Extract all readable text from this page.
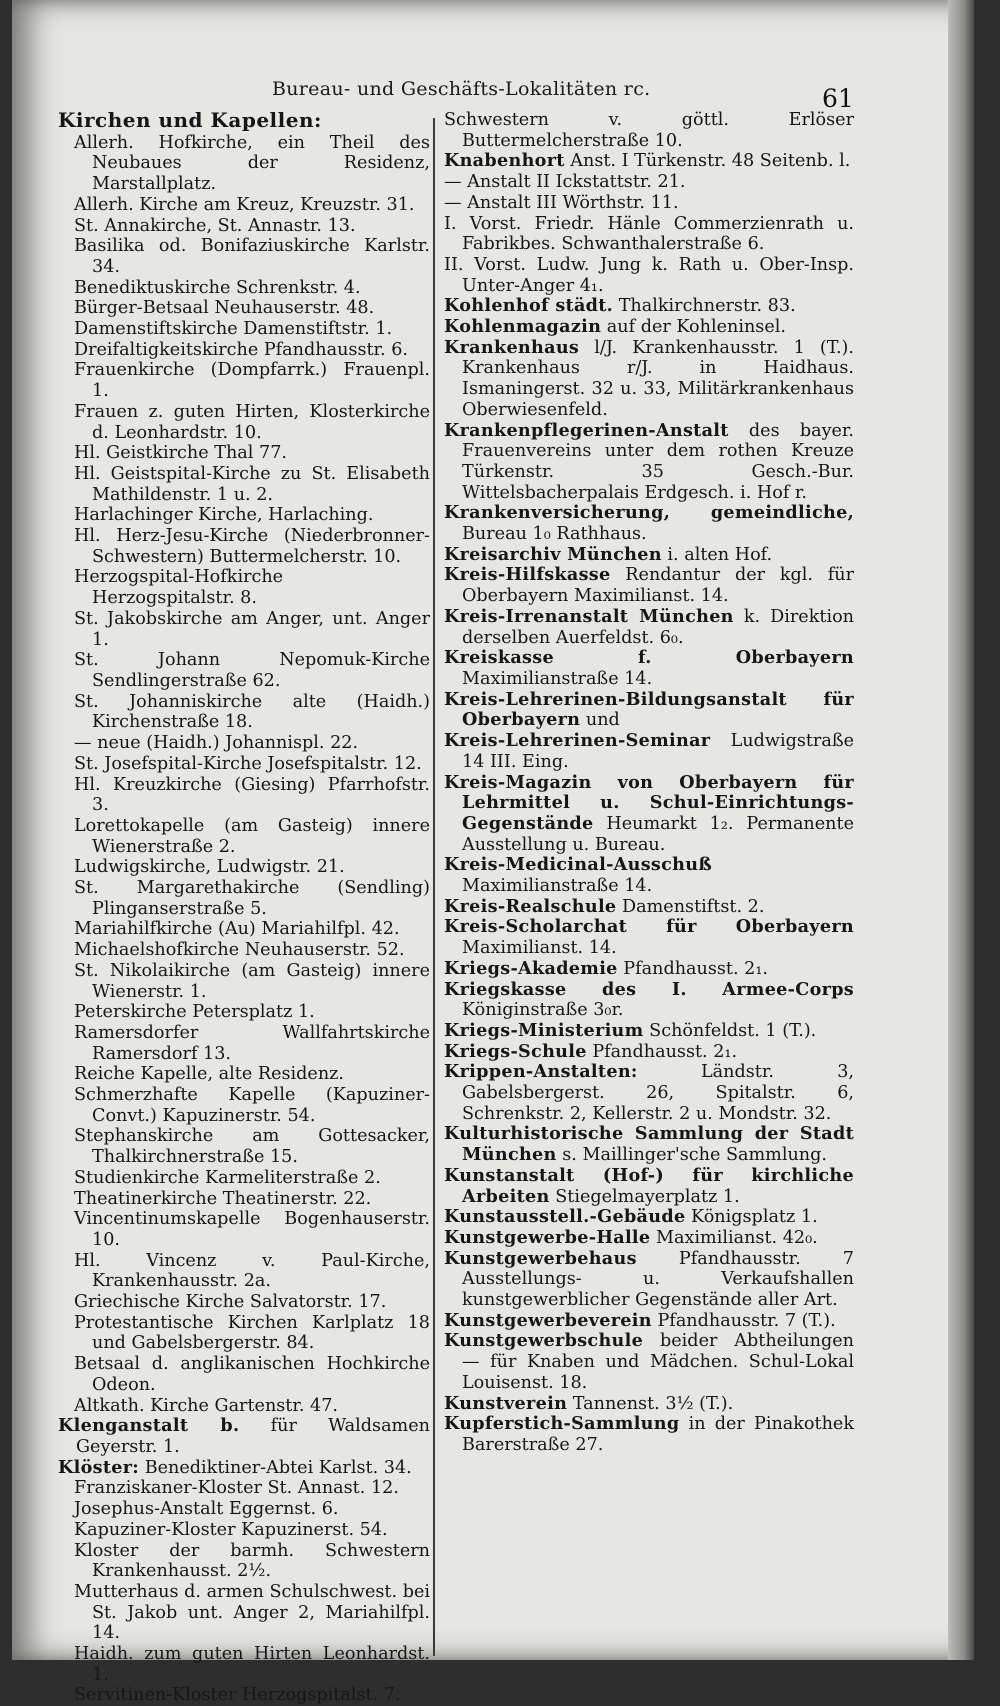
Bureau- und Geschäfts-Lokalitäten rc.	61
Kirchen und Kapellen:

Allerh. Hofkirche, ein Theil des Neubaues der Residenz, Marstallplatz.

Allerh. Kirche am Kreuz, Kreuzstr. 31.

St. Annakirche, St. Annastr. 13.

Basilika od. Bonifaziuskirche Karlstr. 34.

Benediktuskirche Schrenkstr. 4.

Bürger-Betsaal Neuhauserstr. 48.

Damenstiftskirche Damenstiftstr. 1.

Dreifaltigkeitskirche Pfandhausstr. 6.

Frauenkirche (Dompfarrk.) Frauenpl. 1.

Frauen z. guten Hirten, Klosterkirche d. Leonhardstr. 10.

Hl. Geistkirche Thal 77.

Hl. Geistspital-Kirche zu St. Elisabeth Mathildenstr. 1 u. 2.

Harlachinger Kirche, Harlaching.

Hl. Herz-Jesu-Kirche (Niederbronner-Schwestern) Buttermelcherstr. 10.

Herzogspital-Hofkirche Herzogspitalstr. 8.

St. Jakobskirche am Anger, unt. Anger 1.

St. Johann Nepomuk-Kirche Sendlingerstraße 62.

St. Johanniskirche alte (Haidh.) Kirchenstraße 18.

— neue (Haidh.) Johannispl. 22.

St. Josefspital-Kirche Josefspitalstr. 12.

Hl. Kreuzkirche (Giesing) Pfarrhofstr. 3.

Lorettokapelle (am Gasteig) innere Wienerstraße 2.

Ludwigskirche, Ludwigstr. 21.

St. Margarethakirche (Sendling) Plinganserstraße 5.

Mariahilfkirche (Au) Mariahilfpl. 42.

Michaelshofkirche Neuhauserstr. 52.

St. Nikolaikirche (am Gasteig) innere Wienerstr. 1.

Peterskirche Petersplatz 1.

Ramersdorfer Wallfahrtskirche Ramersdorf 13.

Reiche Kapelle, alte Residenz.

Schmerzhafte Kapelle (Kapuziner-Convt.) Kapuzinerstr. 54.

Stephanskirche am Gottesacker, Thalkirchnerstraße 15.

Studienkirche Karmeliterstraße 2.

Theatinerkirche Theatinerstr. 22.

Vincentinumskapelle Bogenhauserstr. 10.

Hl. Vincenz v. Paul-Kirche, Krankenhausstr. 2a.

Griechische Kirche Salvatorstr. 17.

Protestantische Kirchen Karlplatz 18 und Gabelsbergerstr. 84.

Betsaal d. anglikanischen Hochkirche Odeon.

Altkath. Kirche Gartenstr. 47.

Klenganstalt b. für Waldsamen Geyerstr. 1.

Klöster: Benediktiner-Abtei Karlst. 34.

Franziskaner-Kloster St. Annast. 12.

Josephus-Anstalt Eggernst. 6.

Kapuziner-Kloster Kapuzinerst. 54.

Kloster der barmh. Schwestern Krankenhausst. 2½.

Mutterhaus d. armen Schulschwest. bei St. Jakob unt. Anger 2, Mariahilfpl. 14.

Haidh. zum guten Hirten Leonhardst. 1.

Servitinen-Kloster Herzogspitalst. 7.

Schwestern v. göttl. Erlöser Buttermelcherstraße 10.

Knabenhort Anst. I Türkenstr. 48 Seitenb. l.

— Anstalt II Ickstattstr. 21.

— Anstalt III Wörthstr. 11.

I. Vorst. Friedr. Hänle Commerzienrath u. Fabrikbes. Schwanthalerstraße 6.

II. Vorst. Ludw. Jung k. Rath u. Ober-Insp. Unter-Anger 4₁.

Kohlenhof städt. Thalkirchnerstr. 83.

Kohlenmagazin auf der Kohleninsel.

Krankenhaus l/J. Krankenhausstr. 1 (T.). Krankenhaus r/J. in Haidhaus. Ismaningerst. 32 u. 33, Militärkrankenhaus Oberwiesenfeld.

Krankenpflegerinen-Anstalt des bayer. Frauenvereins unter dem rothen Kreuze Türkenstr. 35 Gesch.-Bur. Wittelsbacherpalais Erdgesch. i. Hof r.

Krankenversicherung, gemeindliche, Bureau 1₀ Rathhaus.

Kreisarchiv München i. alten Hof.

Kreis-Hilfskasse Rendantur der kgl. für Oberbayern Maximilianst. 14.

Kreis-Irrenanstalt München k. Direktion derselben Auerfeldst. 6₀.

Kreiskasse f. Oberbayern Maximilianstraße 14.

Kreis-Lehrerinen-Bildungsanstalt für Oberbayern und

Kreis-Lehrerinen-Seminar Ludwigstraße 14 III. Eing.

Kreis-Magazin von Oberbayern für Lehrmittel u. Schul-Einrichtungs-Gegenstände Heumarkt 1₂. Permanente Ausstellung u. Bureau.

Kreis-Medicinal-Ausschuß Maximilianstraße 14.

Kreis-Realschule Damenstiftst. 2.

Kreis-Scholarchat für Oberbayern Maximilianst. 14.

Kriegs-Akademie Pfandhausst. 2₁.

Kriegskasse des I. Armee-Corps Königinstraße 3₀r.

Kriegs-Ministerium Schönfeldst. 1 (T.).

Kriegs-Schule Pfandhausst. 2₁.

Krippen-Anstalten: Ländstr. 3, Gabelsbergerst. 26, Spitalstr. 6, Schrenkstr. 2, Kellerstr. 2 u. Mondstr. 32.

Kulturhistorische Sammlung der Stadt München s. Maillinger'sche Sammlung.

Kunstanstalt (Hof-) für kirchliche Arbeiten Stiegelmayerplatz 1.

Kunstausstell.-Gebäude Königsplatz 1.

Kunstgewerbe-Halle Maximilianst. 42₀.

Kunstgewerbehaus Pfandhausstr. 7 Ausstellungs- u. Verkaufshallen kunstgewerblicher Gegenstände aller Art.

Kunstgewerbeverein Pfandhausstr. 7 (T.).

Kunstgewerbschule beider Abtheilungen — für Knaben und Mädchen. Schul-Lokal Louisenst. 18.

Kunstverein Tannenst. 3½ (T.).

Kupferstich-Sammlung in der Pinakothek Barerstraße 27.
